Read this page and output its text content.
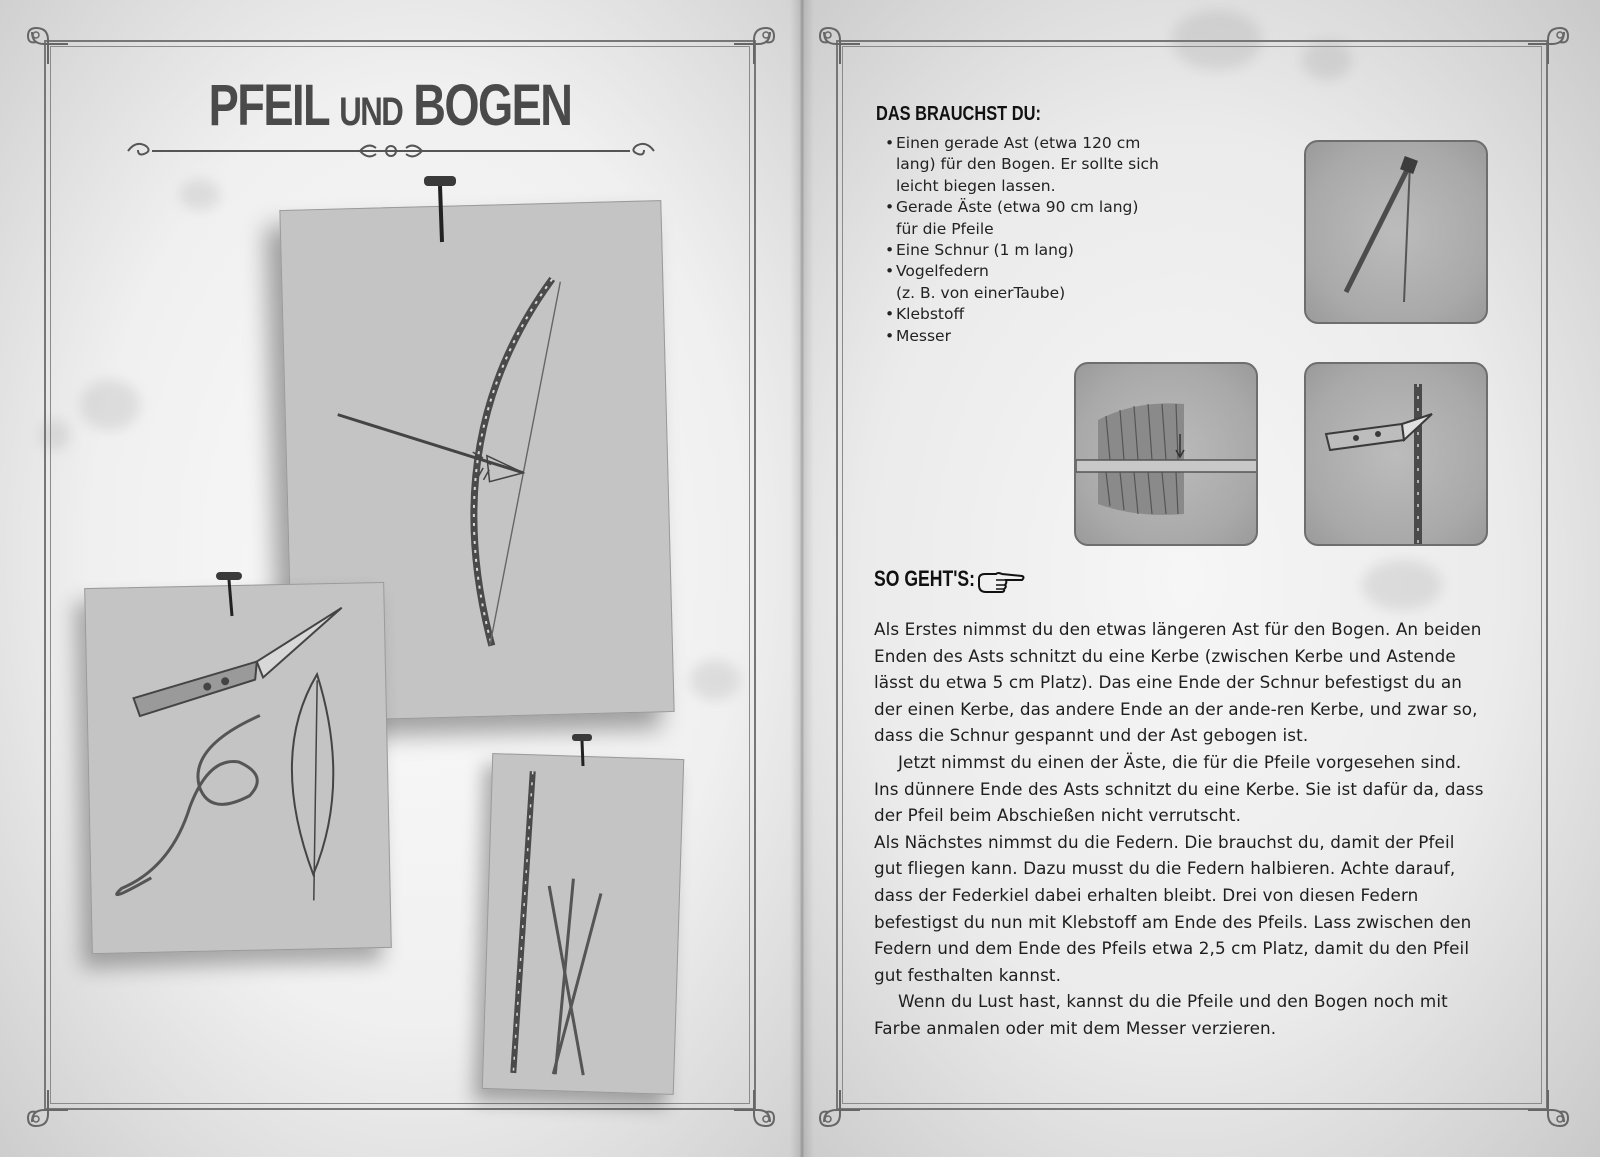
PFEIL UND BOGEN	DAS BRAUCHST DU:
• Einen gerade Ast (etwa 120 cm
lang) für den Bogen. Er sollte sich
leicht biegen lassen.
• Gerade Äste (etwa 90 cm lang)
für die Pfeile
• Eine Schnur (1 m lang)
• Vogelfedern
(z. B. von einerTaube)
• Klebstoff
• Messer
SO GEHT'S:

Als Erstes nimmst du den etwas längeren Ast für den Bogen. An beiden Enden des Asts schnitzt du eine Kerbe (zwischen Kerbe und Astende lässt du etwa 5 cm Platz). Das eine Ende der Schnur befestigst du an der einen Kerbe, das andere Ende an der ande-ren Kerbe, und zwar so, dass die Schnur gespannt und der Ast gebogen ist.

Jetzt nimmst du einen der Äste, die für die Pfeile vorgesehen sind. Ins dünnere Ende des Asts schnitzt du eine Kerbe. Sie ist dafür da, dass der Pfeil beim Abschießen nicht verrutscht.

Als Nächstes nimmst du die Federn. Die brauchst du, damit der Pfeil gut fliegen kann. Dazu musst du die Federn halbieren. Achte darauf, dass der Federkiel dabei erhalten bleibt. Drei von diesen Federn befestigst du nun mit Klebstoff am Ende des Pfeils. Lass zwischen den Federn und dem Ende des Pfeils etwa 2,5 cm Platz, damit du den Pfeil gut festhalten kannst.

Wenn du Lust hast, kannst du die Pfeile und den Bogen noch mit Farbe anmalen oder mit dem Messer verzieren.
